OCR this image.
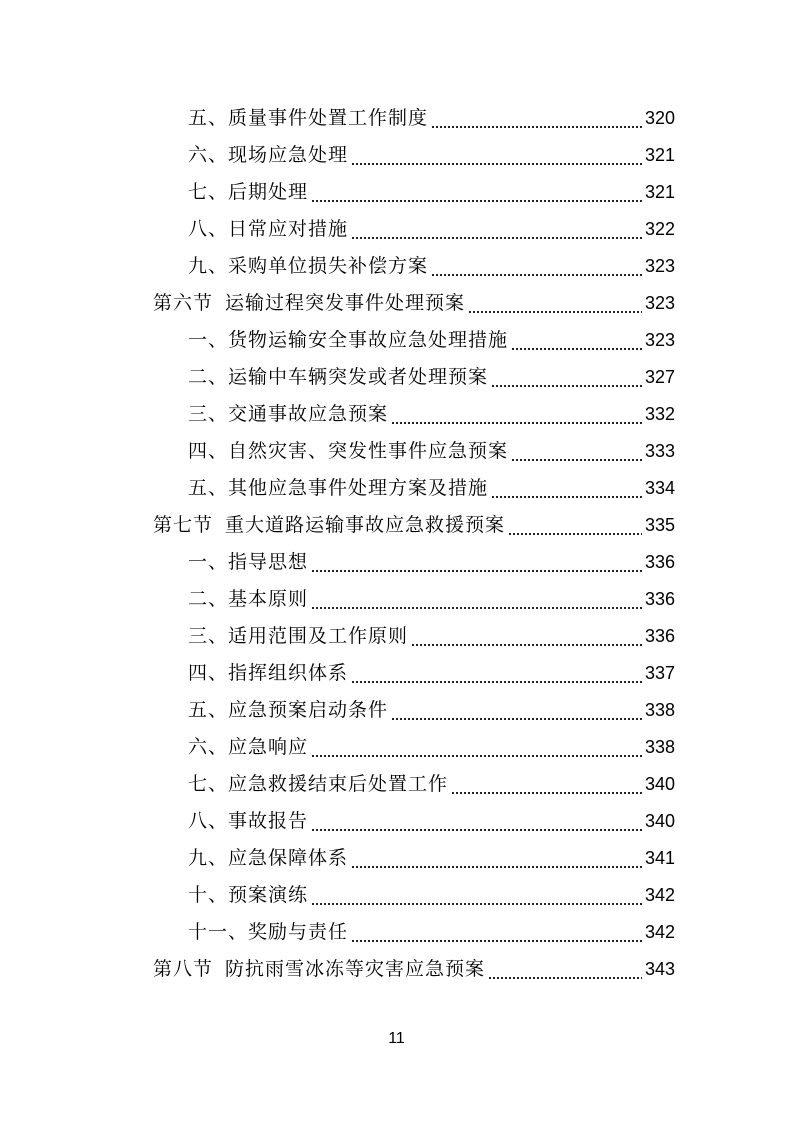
五、质量事件处置工作制度	320
六、现场应急处理	321
七、后期处理	321
八、日常应对措施	322
九、采购单位损失补偿方案	323
第六节 运输过程突发事件处理预案	323
一、货物运输安全事故应急处理措施	323
二、运输中车辆突发或者处理预案	327
三、交通事故应急预案	332
四、自然灾害、突发性事件应急预案	333
五、其他应急事件处理方案及措施	334
第七节 重大道路运输事故应急救援预案	335
一、指导思想	336
二、基本原则	336
三、适用范围及工作原则	336
四、指挥组织体系	337
五、应急预案启动条件	338
六、应急响应	338
七、应急救援结束后处置工作	340
八、事故报告	340
九、应急保障体系	341
十、预案演练	342
十一、奖励与责任	342
第八节 防抗雨雪冰冻等灾害应急预案	343
11
